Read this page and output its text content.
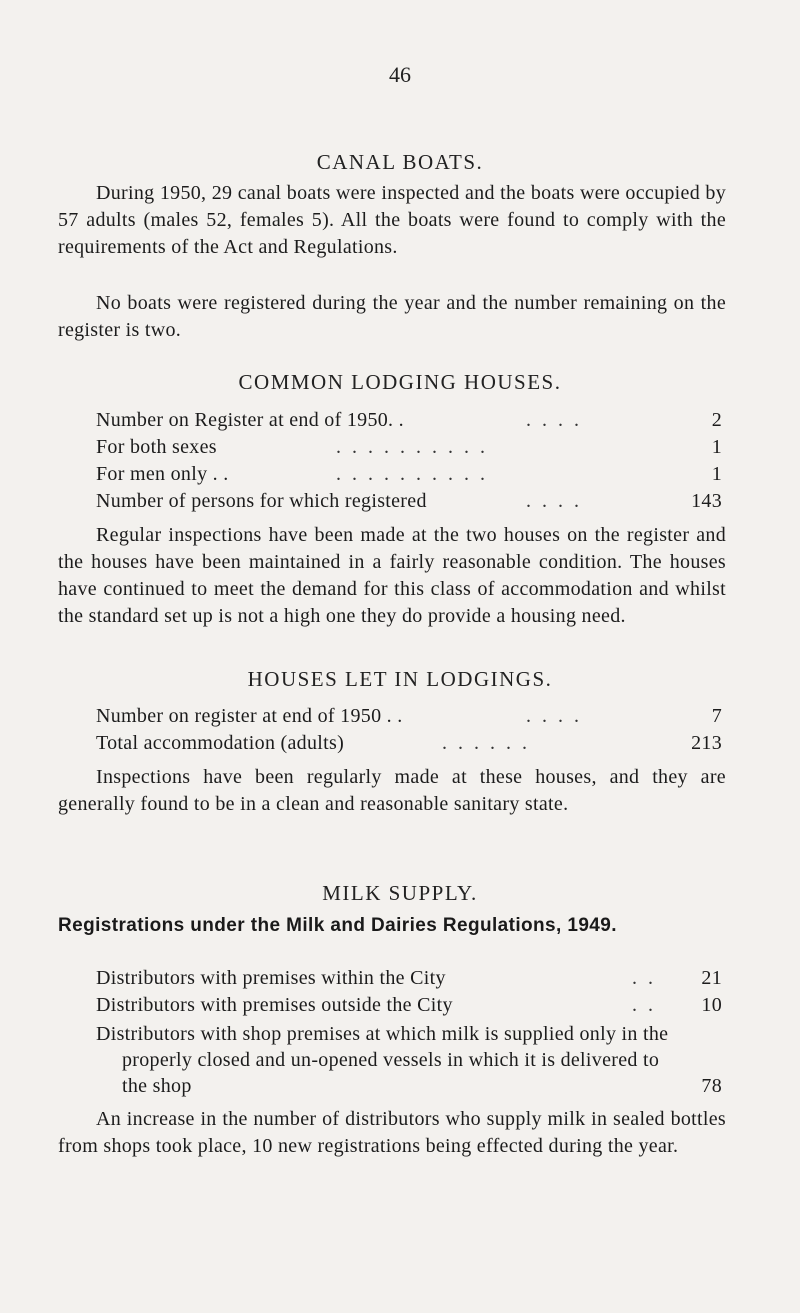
46
CANAL BOATS.
During 1950, 29 canal boats were inspected and the boats were occupied by 57 adults (males 52, females 5). All the boats were found to comply with the requirements of the Act and Regulations.
No boats were registered during the year and the number remaining on the register is two.
COMMON LODGING HOUSES.
Number on Register at end of 1950. .	. . . .	2
For both sexes	. . . . . . . . . .	1
For men only . .	. . . . . . . . . .	1
Number of persons for which registered	. . . .	143
Regular inspections have been made at the two houses on the register and the houses have been maintained in a fairly reasonable condition. The houses have continued to meet the demand for this class of accommodation and whilst the standard set up is not a high one they do provide a housing need.
HOUSES LET IN LODGINGS.
Number on register at end of 1950 . .	. . . .	7
Total accommodation (adults)	. . . . . .	213
Inspections have been regularly made at these houses, and they are generally found to be in a clean and reasonable sanitary state.
MILK SUPPLY.
Registrations under the Milk and Dairies Regulations, 1949.
Distributors with premises within the City	. . 21
Distributors with premises outside the City	. . 10
Distributors with shop premises at which milk is supplied only in the properly closed and un-opened vessels in which it is delivered to the shop	78
An increase in the number of distributors who supply milk in sealed bottles from shops took place, 10 new registrations being effected during the year.
